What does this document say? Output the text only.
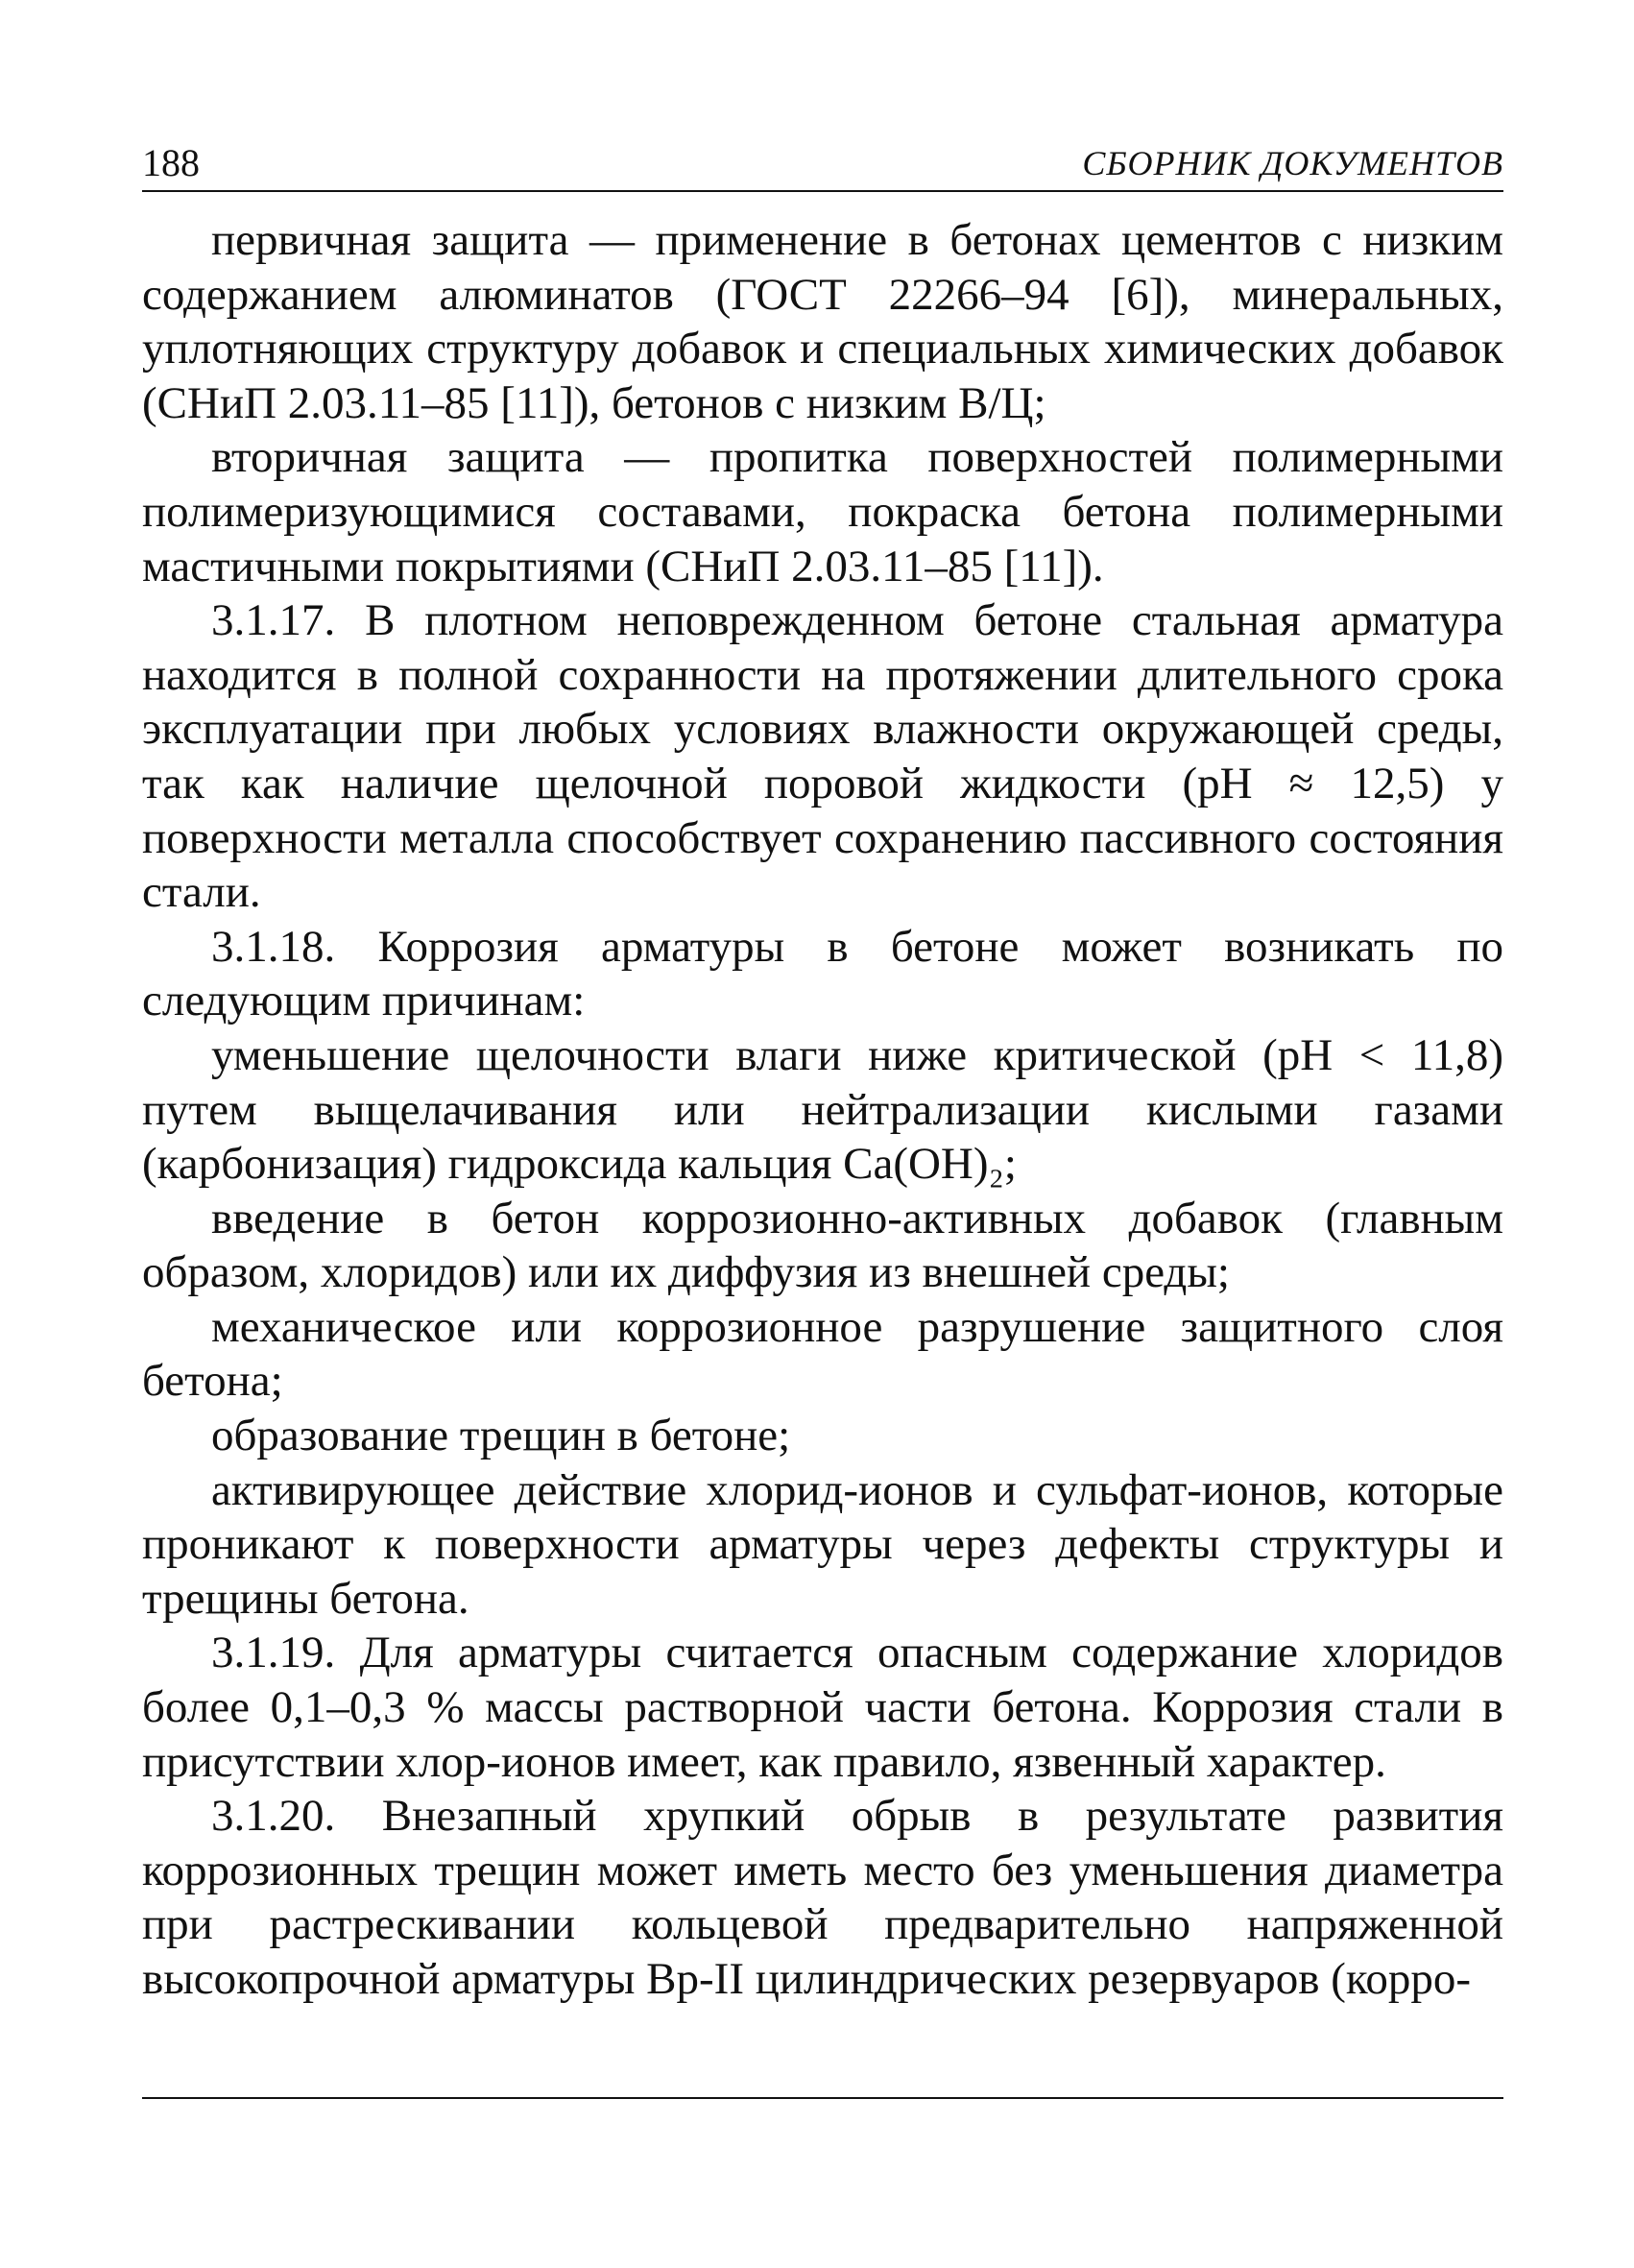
188	СБОРНИК ДОКУМЕНТОВ

первичная защита — применение в бетонах цементов с низким содержанием алюминатов (ГОСТ 22266–94 [6]), минеральных, уплотняющих структуру добавок и специальных химических добавок (СНиП 2.03.11–85 [11]), бетонов с низким В/Ц;

вторичная защита — пропитка поверхностей полимерными полимеризующимися составами, покраска бетона полимерными мастичными покрытиями (СНиП 2.03.11–85 [11]).

3.1.17. В плотном неповрежденном бетоне стальная арматура находится в полной сохранности на протяжении длительного срока эксплуатации при любых условиях влажности окружающей среды, так как наличие щелочной поровой жидкости (pH ≈ 12,5) у поверхности металла способствует сохранению пассивного состояния стали.

3.1.18. Коррозия арматуры в бетоне может возникать по следующим причинам:

уменьшение щелочности влаги ниже критической (pH < 11,8) путем выщелачивания или нейтрализации кислыми газами (карбонизация) гидроксида кальция Ca(OH)₂;

введение в бетон коррозионно-активных добавок (главным образом, хлоридов) или их диффузия из внешней среды;

механическое или коррозионное разрушение защитного слоя бетона;

образование трещин в бетоне;

активирующее действие хлорид-ионов и сульфат-ионов, которые проникают к поверхности арматуры через дефекты структуры и трещины бетона.

3.1.19. Для арматуры считается опасным содержание хлоридов более 0,1–0,3 % массы растворной части бетона. Коррозия стали в присутствии хлор-ионов имеет, как правило, язвенный характер.

3.1.20. Внезапный хрупкий обрыв в результате развития коррозионных трещин может иметь место без уменьшения диаметра при растрескивании кольцевой предварительно напряженной высокопрочной арматуры Bр-II цилиндрических резервуаров (корро-
